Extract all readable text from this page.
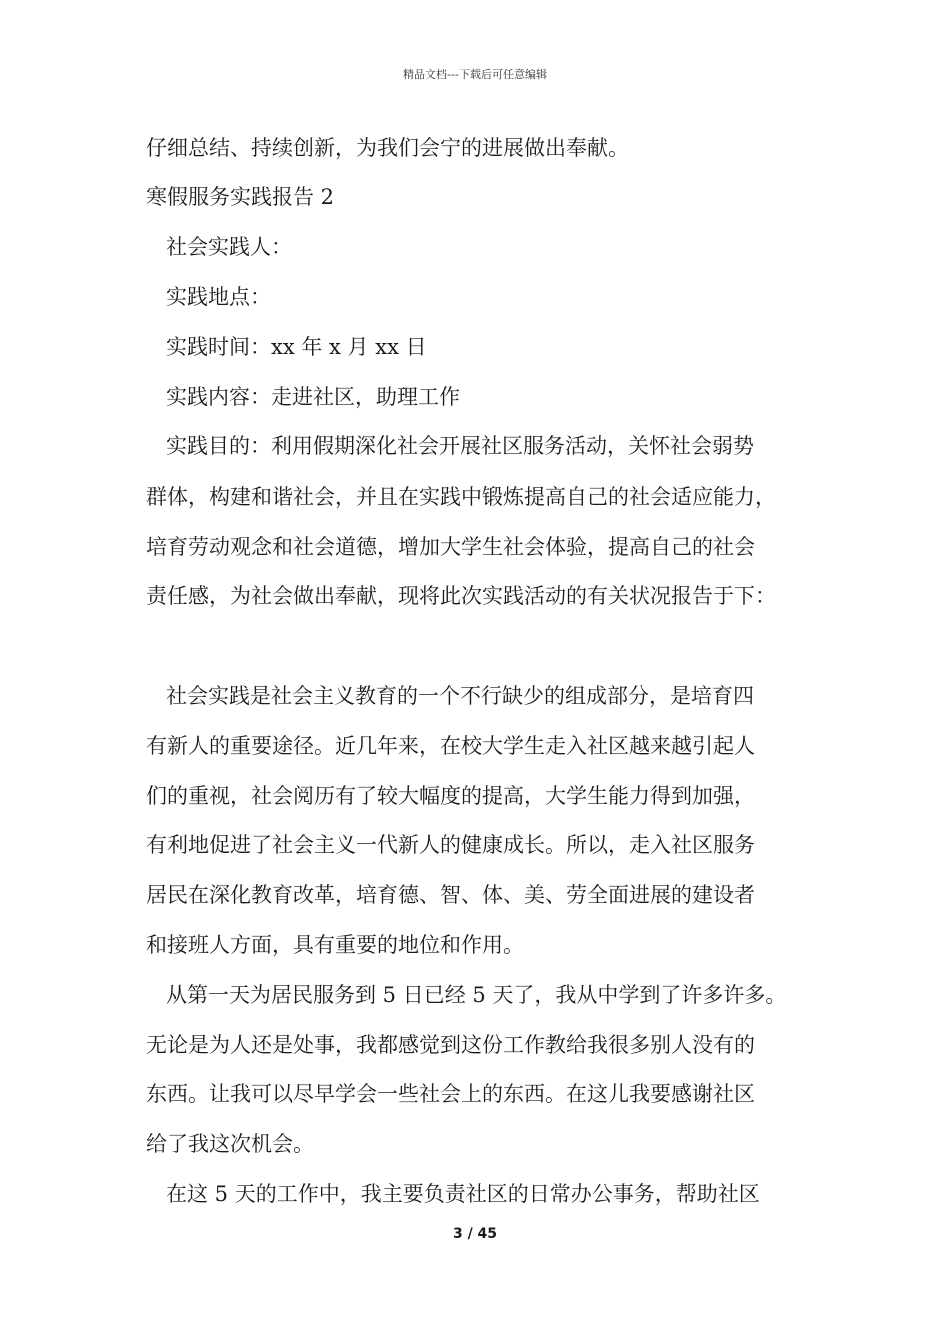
精品文档---下载后可任意编辑
仔细总结、持续创新，为我们会宁的进展做出奉献。
寒假服务实践报告 2
社会实践人：
实践地点：
实践时间：xx 年 x 月 xx 日
实践内容：走进社区，助理工作
实践目的：利用假期深化社会开展社区服务活动，关怀社会弱势
群体，构建和谐社会，并且在实践中锻炼提高自己的社会适应能力，
培育劳动观念和社会道德，增加大学生社会体验，提高自己的社会
责任感，为社会做出奉献，现将此次实践活动的有关状况报告于下：
社会实践是社会主义教育的一个不行缺少的组成部分，是培育四
有新人的重要途径。近几年来，在校大学生走入社区越来越引起人
们的重视，社会阅历有了较大幅度的提高，大学生能力得到加强，
有利地促进了社会主义一代新人的健康成长。所以，走入社区服务
居民在深化教育改革，培育德、智、体、美、劳全面进展的建设者
和接班人方面，具有重要的地位和作用。
从第一天为居民服务到 5 日已经 5 天了，我从中学到了许多许多。
无论是为人还是处事，我都感觉到这份工作教给我很多别人没有的
东西。让我可以尽早学会一些社会上的东西。在这儿我要感谢社区
给了我这次机会。
在这 5 天的工作中，我主要负责社区的日常办公事务，帮助社区
3 / 45
